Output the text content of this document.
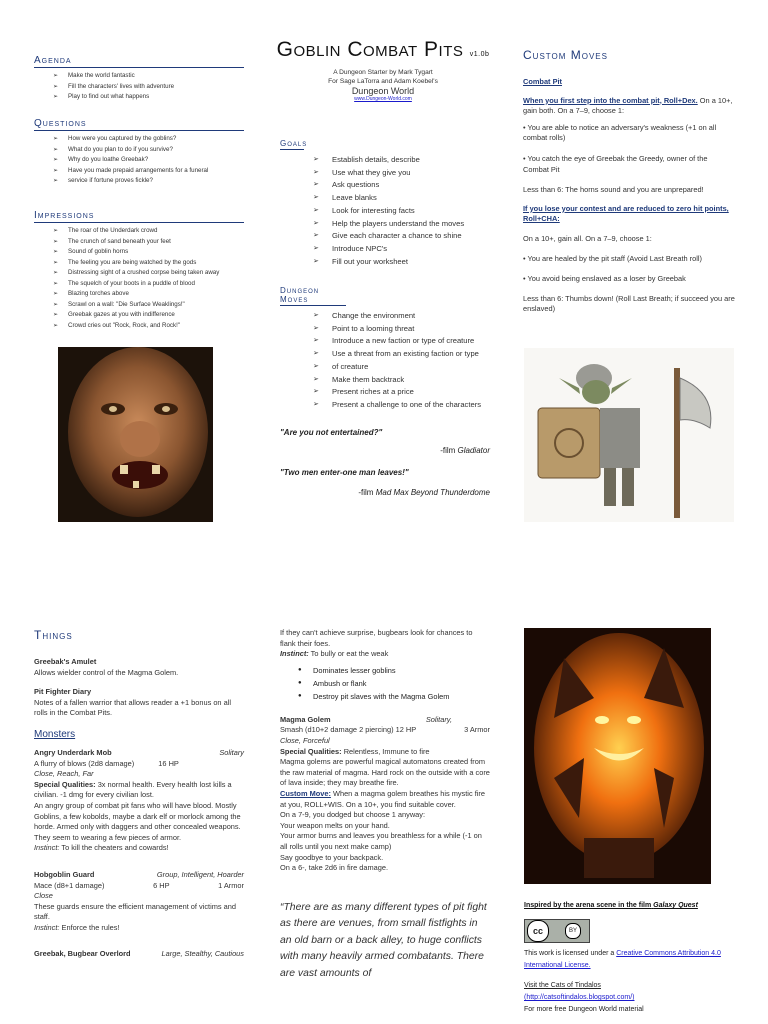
Agenda
➢ Make the world fantastic
➢ Fill the characters' lives with adventure
➢ Play to find out what happens
Questions
➢ How were you captured by the goblins?
➢ What do you plan to do if you survive?
➢ Why do you loathe Greebak?
➢ Have you made prepaid arrangements for a funeral
➢ service if fortune proves fickle?
Impressions
➢ The roar of the Underdark crowd
➢ The crunch of sand beneath your feet
➢ Sound of goblin horns
➢ The feeling you are being watched by the gods
➢ Distressing sight of a crushed corpse being taken away
➢ The squelch of your boots in a puddle of blood
➢ Blazing torches above
➢ Scrawl on a wall: "Die Surface Weaklings!"
➢ Greebak gazes at you with indifference
➢ Crowd cries out "Rock, Rock, and Rock!"
Goblin Combat Pits v1.0b
A Dungeon Starter by Mark Tygart
For Sage LaTorra and Adam Koebel's
Dungeon World
www.Dungeon-World.com
Goals
➢ Establish details, describe
➢ Use what they give you
➢ Ask questions
➢ Leave blanks
➢ Look for interesting facts
➢ Help the players understand the moves
➢ Give each character a chance to shine
➢ Introduce NPC's
➢ Fill out your worksheet
Dungeon Moves
➢ Change the environment
➢ Point to a looming threat
➢ Introduce a new faction or type of creature
➢ Use a threat from an existing faction or type
➢ of creature
➢ Make them backtrack
➢ Present riches at a price
➢ Present a challenge to one of the characters
"Are you not entertained?"
-film Gladiator
"Two men enter-one man leaves!"
-film Mad Max Beyond Thunderdome
Custom Moves
Combat Pit
When you first step into the combat pit, Roll+Dex. On a 10+, gain both. On a 7–9, choose 1:
• You are able to notice an adversary's weakness (+1 on all combat rolls)
• You catch the eye of Greebak the Greedy, owner of the Combat Pit
Less than 6: The horns sound and you are unprepared!
If you lose your contest and are reduced to zero hit points, Roll+CHA:
On a 10+, gain all. On a 7–9, choose 1:
• You are healed by the pit staff (Avoid Last Breath roll)
• You avoid being enslaved as a loser by Greebak
Less than 6: Thumbs down! (Roll Last Breath; if succeed you are enslaved)
Things
Greebak's Amulet
Allows wielder control of the Magma Golem.
Pit Fighter Diary
Notes of a fallen warrior that allows reader a +1 bonus on all rolls in the Combat Pits.
Monsters
Angry Underdark Mob	Solitary
A flurry of blows (2d8 damage)	16 HP
Close, Reach, Far
Special Qualities: 3x normal health. Every health lost kills a civilian. -1 dmg for every civilian lost.
An angry group of combat pit fans who will have blood. Mostly Goblins, a few kobolds, maybe a dark elf or morlock among the horde. Armed only with daggers and other concealed weapons. They seem to wearing a few pieces of armor.
Instinct: To kill the cheaters and cowards!
Hobgoblin Guard	Group, Intelligent, Hoarder
Mace (d8+1 damage)	6 HP	1 Armor
Close
These guards ensure the efficient management of victims and staff.
Instinct: Enforce the rules!
Greebak, Bugbear Overlord	Large, Stealthy, Cautious
If they can't achieve surprise, bugbears look for chances to flank their foes.
Instinct: To bully or eat the weak
● Dominates lesser goblins
● Ambush or flank
● Destroy pit slaves with the Magma Golem
Magma Golem	Solitary,
Smash (d10+2 damage 2 piercing) 12 HP	3 Armor
Close, Forceful
Special Qualities: Relentless, Immune to fire
Magma golems are powerful magical automatons created from the raw material of magma. Hard rock on the outside with a core of lava inside; they may breathe fire.
Custom Move: When a magma golem breathes his mystic fire at you, ROLL+WIS. On a 10+, you find suitable cover.
On a 7-9, you dodged but choose 1 anyway:
Your weapon melts on your hand.
Your armor burns and leaves you breathless for a while (-1 on all rolls until you next make camp)
Say goodbye to your backpack.
On a 6-, take 2d6 in fire damage.
“There are as many different types of pit fight as there are venues, from small fistfights in an old barn or a back alley, to huge conflicts with many heavily armed combatants. There are vast amounts of
Inspired by the arena scene in the film Galaxy Quest
cc	BY
This work is licensed under a Creative Commons Attribution 4.0 International License.
Visit the Cats of Tindalos
(http://catsoftindalos.blogspot.com/)
For more free Dungeon World material
